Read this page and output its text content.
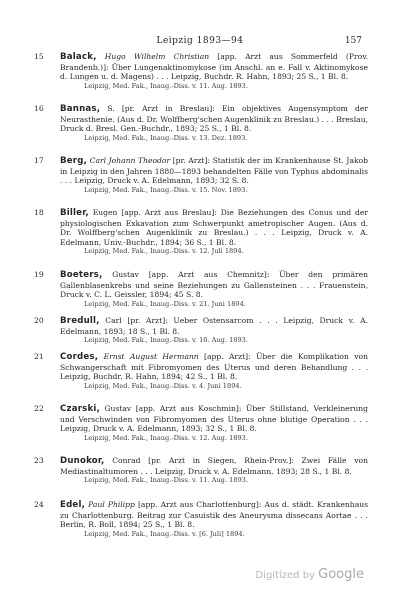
Leipzig 1893—94	157
15 Balack, Hugo Wilhelm Christian [app. Arzt aus Sommerfeld (Prov. Brandenb.)]: Über Lungenaktinomykose (im Anschl. an e. Fall v. Aktinomykose d. Lungen u. d. Magens) . . . Leipzig, Buchdr. R. Hahn, 1893; 25 S., 1 Bl. 8.
Leipzig, Med. Fak., Inaug.-Diss. v. 11. Aug. 1893.
16 Bannas, S. [pr. Arzt in Breslau]: Ein objektives Augensymptom der Neurasthenie. (Aus d. Dr. Wolffberg'schen Augenklinik zu Breslau.) . . . Breslau, Druck d. Bresl. Gen.-Buchdr., 1893; 25 S., 1 Bl. 8.
Leipzig, Med. Fak., Inaug.-Diss. v. 13. Dez. 1893.
17 Berg, Carl Johann Theodor [pr. Arzt]: Statistik der im Krankenhause St. Jakob in Leipzig in den Jahren 1880—1893 behandelten Fälle von Typhus abdominalis . . . Leipzig, Druck v. A. Edelmann, 1893; 32 S. 8.
Leipzig, Med. Fak., Inaug.-Diss. v. 15. Nov. 1893.
18 Biller, Eugen [app. Arzt aus Breslau]: Die Beziehungen des Conus und der physiologischen Exkavation zum Schwerpunkt ametropischer Augen. (Aus d. Dr. Wolffberg'schen Augenklinik zu Breslau.) . . . Leipzig, Druck v. A. Edelmann, Univ.-Buchdr., 1894; 36 S., 1 Bl. 8.
Leipzig, Med. Fak., Inaug.-Diss. v. 12. Juli 1894.
19 Boeters, Gustav [app. Arzt aus Chemnitz]: Über den primären Gallenblasenkrebs und seine Beziehungen zu Gallensteinen . . . Frauenstein, Druck v. C. L. Geissler, 1894; 45 S. 8.
Leipzig, Med. Fak., Inaug.-Diss. v. 21. Juni 1894.
20 Bredull, Carl [pr. Arzt]: Ueber Ostensarcom . . . Leipzig, Druck v. A. Edelmann, 1893; 18 S., 1 Bl. 8.
Leipzig, Med. Fak., Inaug.-Diss. v. 16. Aug. 1893.
21 Cordes, Ernst August Hermann [app. Arzt]: Über die Komplikation von Schwangerschaft mit Fibromyomen des Uterus und deren Behandlung . . . Leipzig, Buchdr. R. Hahn, 1894; 42 S., 1 Bl. 8.
Leipzig, Med. Fak., Inaug.-Diss. v. 4. Juni 1894.
22 Czarski, Gustav [app. Arzt aus Koschmin]: Über Stillstand, Verkleinerung und Verschwinden von Fibromyomen des Uterus ohne blutige Operation . . . Leipzig, Druck v. A. Edelmann, 1893; 32 S., 1 Bl. 8.
Leipzig, Med. Fak., Inaug.-Diss. v. 12. Aug. 1893.
23 Dunokor, Conrad [pr. Arzt in Siegen, Rhein-Prov.]: Zwei Fälle von Mediastinaltumoren . . . Leipzig, Druck v. A. Edelmann, 1893; 28 S., 1 Bl. 8.
Leipzig, Med. Fak., Inaug.-Diss. v. 11. Aug. 1893.
24 Edel, Paul Philipp [app. Arzt aus Charlottenburg]: Aus d. städt. Krankenhaus zu Charlottenburg. Beitrag zur Casuistik des Aneurysma dissecans Aortae . . . Berlin, R. Boll, 1894; 25 S., 1 Bl. 8.
Leipzig, Med. Fak., Inaug.-Diss. v. [6. Juli] 1894.
Digitized by Google
